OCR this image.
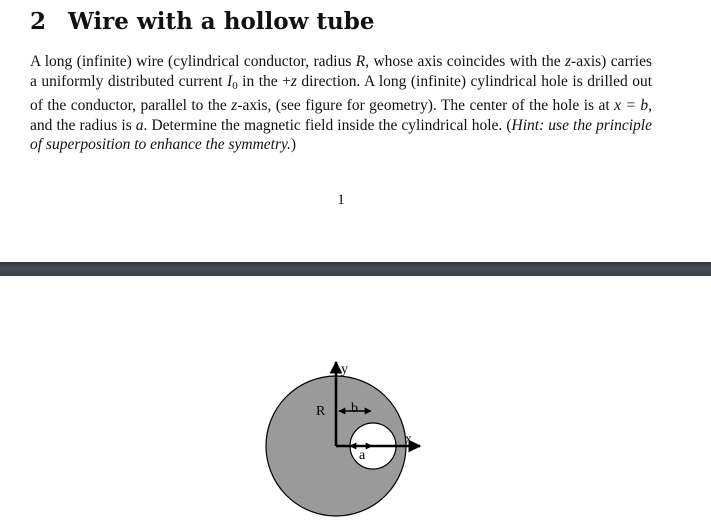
2 Wire with a hollow tube
A long (infinite) wire (cylindrical conductor, radius R, whose axis coincides with the z-axis) carries a uniformly distributed current $I_0$ in the +z direction. A long (infinite) cylindrical hole is drilled out of the conductor, parallel to the z-axis, (see figure for geometry). The center of the hole is at x = b, and the radius is a. Determine the magnetic field inside the cylindrical hole. (Hint: use the principle of superposition to enhance the symmetry.)
1
y
R b
a
x
